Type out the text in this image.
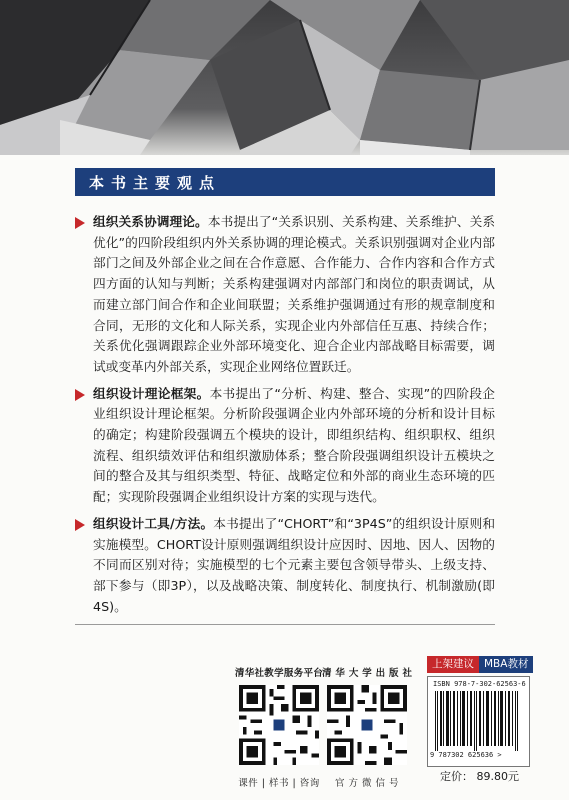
本书主要观点

组织关系协调理论。本书提出了“关系识别、关系构建、关系维护、关系优化”的四阶段组织内外关系协调的理论模式。关系识别强调对企业内部部门之间及外部企业之间在合作意愿、合作能力、合作内容和合作方式四方面的认知与判断；关系构建强调对内部部门和岗位的职责调试，从而建立部门间合作和企业间联盟；关系维护强调通过有形的规章制度和合同，无形的文化和人际关系，实现企业内外部信任互惠、持续合作；关系优化强调跟踪企业外部环境变化、迎合企业内部战略目标需要，调试或变革内外部关系，实现企业网络位置跃迁。

组织设计理论框架。本书提出了“分析、构建、整合、实现”的四阶段企业组织设计理论框架。分析阶段强调企业内外部环境的分析和设计目标的确定；构建阶段强调五个模块的设计，即组织结构、组织职权、组织流程、组织绩效评估和组织激励体系；整合阶段强调组织设计五模块之间的整合及其与组织类型、特征、战略定位和外部的商业生态环境的匹配；实现阶段强调企业组织设计方案的实现与迭代。

组织设计工具/方法。本书提出了“CHORT”和“3P4S”的组织设计原则和实施模型。CHORT设计原则强调组织设计应因时、因地、因人、因物的不同而区别对待；实施模型的七个元素主要包含领导带头、上级支持、部下参与（即3P），以及战略决策、制度转化、制度执行、机制激励(即4S)。

清华社教学服务平台
课件 | 样书 | 咨询
清 华 大 学 出 版 社
官 方 微 信 号
上架建议 MBA教材
ISBN 978-7-302-62563-6
9 787302 625636 >
定价： 89.80元
